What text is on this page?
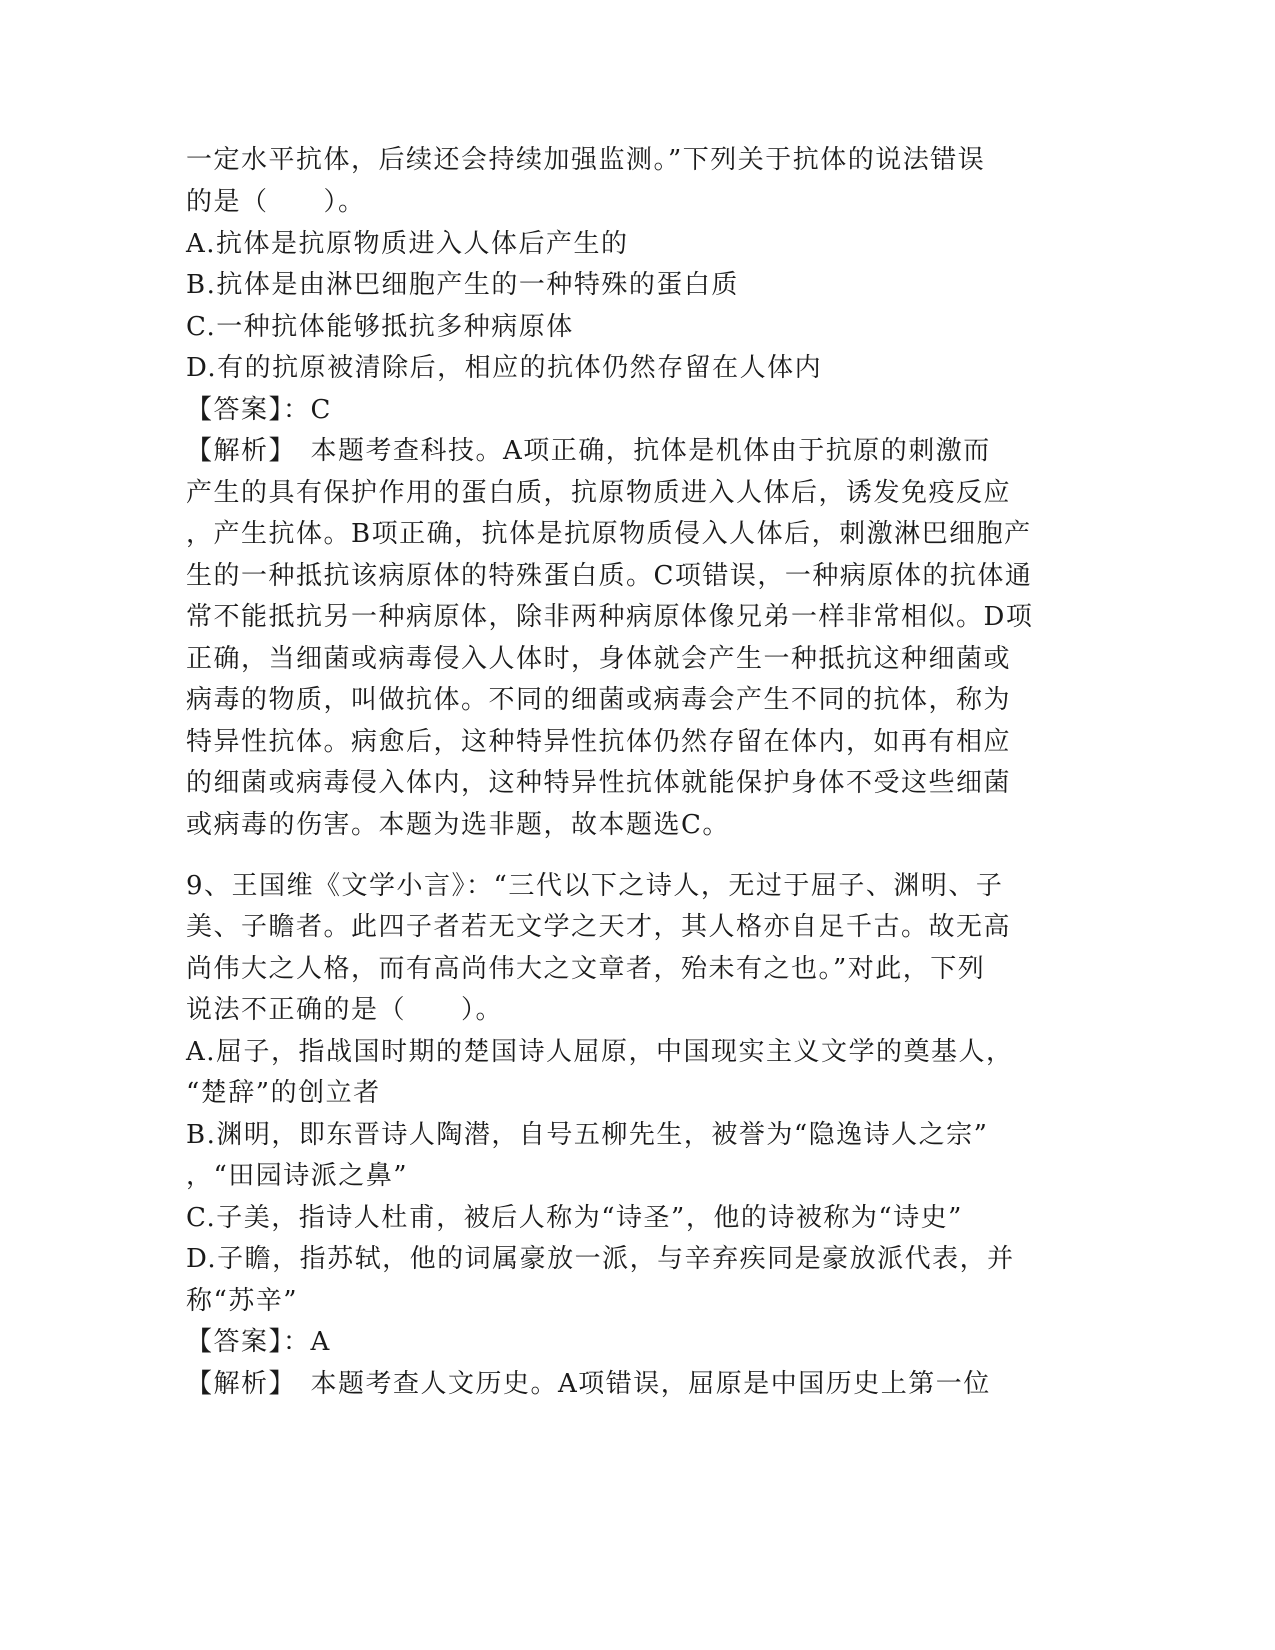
一定水平抗体，后续还会持续加强监测。”下列关于抗体的说法错误
的是（　　）。
A.抗体是抗原物质进入人体后产生的
B.抗体是由淋巴细胞产生的一种特殊的蛋白质
C.一种抗体能够抵抗多种病原体
D.有的抗原被清除后，相应的抗体仍然存留在人体内
【答案】：C
【解析】　本题考查科技。A项正确，抗体是机体由于抗原的刺激而
产生的具有保护作用的蛋白质，抗原物质进入人体后，诱发免疫反应
，产生抗体。B项正确，抗体是抗原物质侵入人体后，刺激淋巴细胞产
生的一种抵抗该病原体的特殊蛋白质。C项错误，一种病原体的抗体通
常不能抵抗另一种病原体，除非两种病原体像兄弟一样非常相似。D项
正确，当细菌或病毒侵入人体时，身体就会产生一种抵抗这种细菌或
病毒的物质，叫做抗体。不同的细菌或病毒会产生不同的抗体，称为
特异性抗体。病愈后，这种特异性抗体仍然存留在体内，如再有相应
的细菌或病毒侵入体内，这种特异性抗体就能保护身体不受这些细菌
或病毒的伤害。本题为选非题，故本题选C。
9、王国维《文学小言》：“三代以下之诗人，无过于屈子、渊明、子
美、子瞻者。此四子者若无文学之天才，其人格亦自足千古。故无高
尚伟大之人格，而有高尚伟大之文章者，殆未有之也。”对此，下列
说法不正确的是（　　）。
A.屈子，指战国时期的楚国诗人屈原，中国现实主义文学的奠基人，
“楚辞”的创立者
B.渊明，即东晋诗人陶潜，自号五柳先生，被誉为“隐逸诗人之宗”
，“田园诗派之鼻”
C.子美，指诗人杜甫，被后人称为“诗圣”，他的诗被称为“诗史”
D.子瞻，指苏轼，他的词属豪放一派，与辛弃疾同是豪放派代表，并
称“苏辛”
【答案】：A
【解析】　本题考查人文历史。A项错误，屈原是中国历史上第一位
